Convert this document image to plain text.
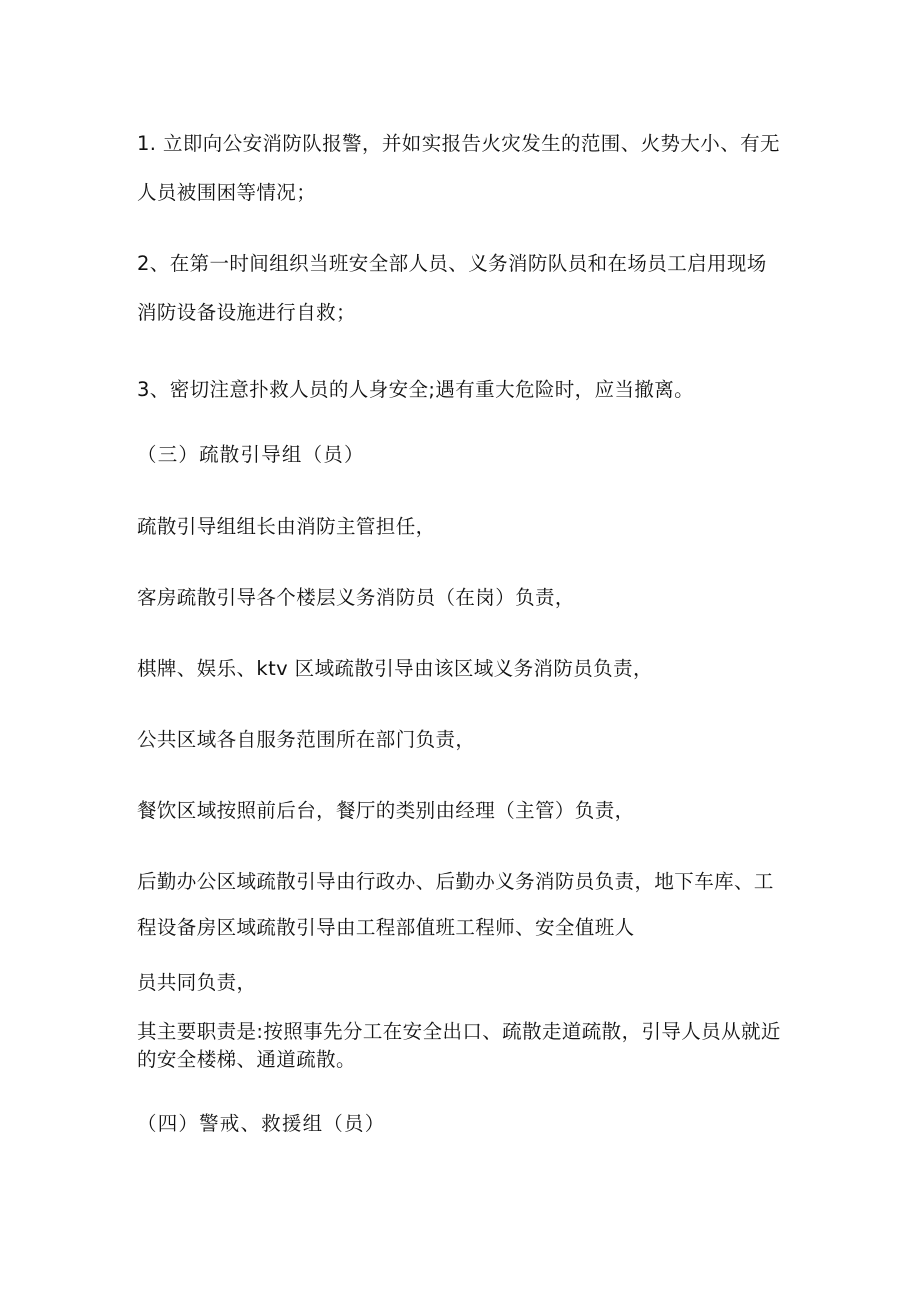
1. 立即向公安消防队报警，并如实报告火灾发生的范围、火势大小、有无
人员被围困等情况；
2、在第一时间组织当班安全部人员、义务消防队员和在场员工启用现场
消防设备设施进行自救；
3、密切注意扑救人员的人身安全;遇有重大危险时，应当撤离。
（三）疏散引导组（员）
疏散引导组组长由消防主管担任，
客房疏散引导各个楼层义务消防员（在岗）负责，
棋牌、娱乐、ktv 区域疏散引导由该区域义务消防员负责，
公共区域各自服务范围所在部门负责，
餐饮区域按照前后台，餐厅的类别由经理（主管）负责，
后勤办公区域疏散引导由行政办、后勤办义务消防员负责，地下车库、工
程设备房区域疏散引导由工程部值班工程师、安全值班人
员共同负责，
其主要职责是:按照事先分工在安全出口、疏散走道疏散，引导人员从就近
的安全楼梯、通道疏散。
（四）警戒、救援组（员）
